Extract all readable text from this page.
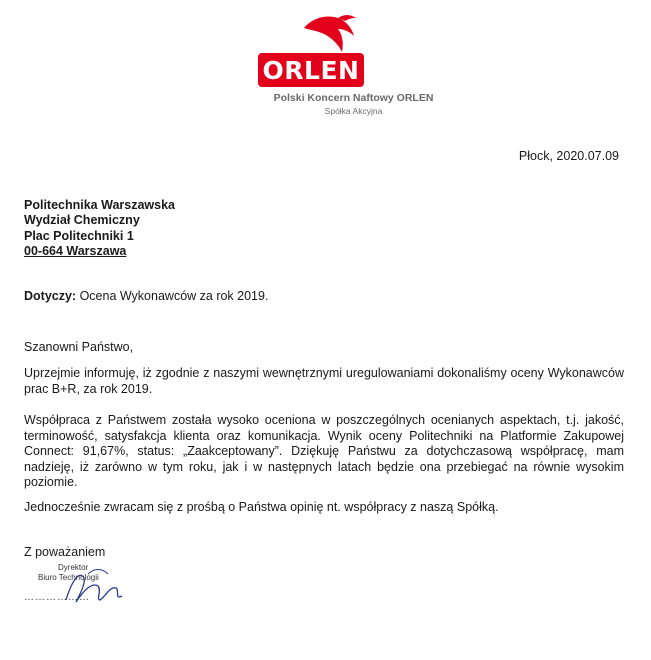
ORLEN
Polski Koncern Naftowy ORLEN
Spółka Akcyjna
Płock, 2020.07.09
Politechnika Warszawska
Wydział Chemiczny
Plac Politechniki 1
00-664 Warszawa
Dotyczy: Ocena Wykonawców za rok 2019.
Szanowni Państwo,
Uprzejmie informuję, iż zgodnie z naszymi wewnętrznymi uregulowaniami dokonaliśmy oceny Wykonawców prac B+R, za rok 2019.
Współpraca z Państwem została wysoko oceniona w poszczególnych ocenianych aspektach, t.j. jakość, terminowość, satysfakcja klienta oraz komunikacja. Wynik oceny Politechniki na Platformie Zakupowej Connect: 91,67%, status: „Zaakceptowany”. Dziękuję Państwu za dotychczasową współpracę, mam nadzieję, iż zarówno w tym roku, jak i w następnych latach będzie ona przebiegać na równie wysokim poziomie.
Jednocześnie zwracam się z prośbą o Państwa opinię nt. współpracy z naszą Spółką.
Z poważaniem
Dyrektor
Biuro Technologii
………………
